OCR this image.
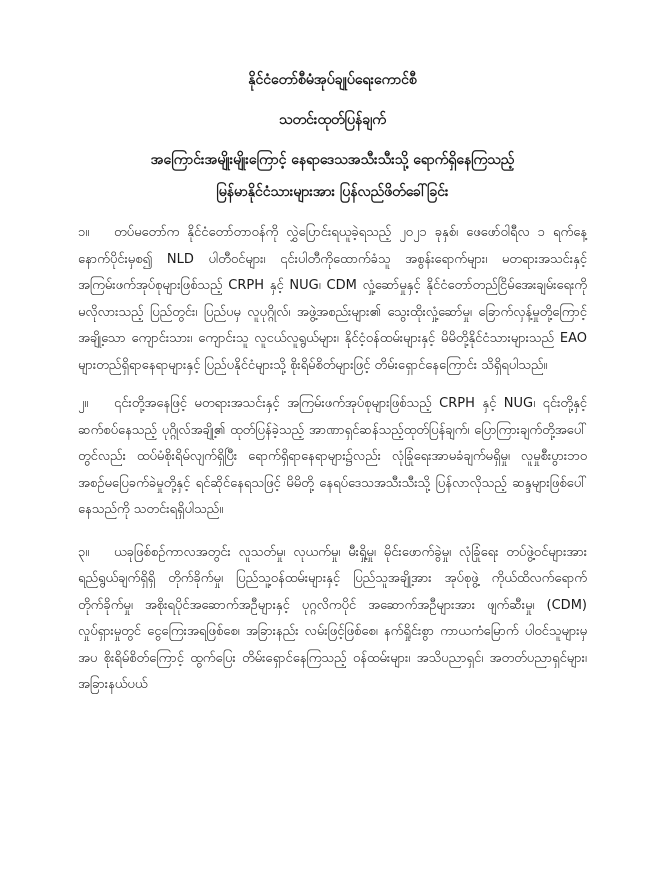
နိုင်ငံတော်စီမံအုပ်ချုပ်ရေးကောင်စီ
သတင်းထုတ်ပြန်ချက်
အကြောင်းအမျိုးမျိုးကြောင့် နေရာဒေသအသီးသီးသို့ ရောက်ရှိနေကြသည့်
မြန်မာနိုင်ငံသားများအား ပြန်လည်ဖိတ်ခေါ်ခြင်း

၁။ တပ်မတော်က နိုင်ငံတော်တာဝန်ကို လွှဲပြောင်းရယူခဲ့ရသည့် ၂၀၂၁ ခုနှစ်၊ ဖေဖော်ဝါရီလ ၁ ရက်နေ့ နောက်ပိုင်းမှစ၍ NLD ပါတီဝင်များ၊ ၎င်းပါတီကိုထောက်ခံသူ အစွန်းရောက်များ၊ မတရားအသင်းနှင့် အကြမ်းဖက်အုပ်စုများဖြစ်သည့် CRPH နှင့် NUG၊ CDM လှုံ့ဆော်မှုနှင့် နိုင်ငံတော်တည်ငြိမ်အေးချမ်းရေးကို မလိုလားသည့် ပြည်တွင်း၊ ပြည်ပမှ လူပုဂ္ဂိုလ်၊ အဖွဲ့အစည်းများ၏ သွေးထိုးလှုံ့ဆော်မှု၊ ခြောက်လှန့်မှုတို့ကြောင့် အချို့သော ကျောင်းသား၊ ကျောင်းသူ လူငယ်လူရွယ်များ၊ နိုင်ငံ့ဝန်ထမ်းများနှင့် မိမိတို့နိုင်ငံသားများသည် EAO များတည်ရှိရာနေရာများနှင့် ပြည်ပနိုင်ငံများသို့ စိုးရိမ်စိတ်များဖြင့် တိမ်းရှောင်နေကြောင်း သိရှိရပါသည်။

၂။ ၎င်းတို့အနေဖြင့် မတရားအသင်းနှင့် အကြမ်းဖက်အုပ်စုများဖြစ်သည့် CRPH နှင့် NUG၊ ၎င်းတို့နှင့်ဆက်စပ်နေသည့် ပုဂ္ဂိုလ်အချို့၏ ထုတ်ပြန်ခဲ့သည့် အာဏာရှင်ဆန်သည့်ထုတ်ပြန်ချက်၊ ပြောကြားချက်တို့အပေါ်တွင်လည်း ထပ်မံစိုးရိမ်လျက်ရှိပြီး ရောက်ရှိရာနေရာများ၌လည်း လုံခြုံရေးအာမခံချက်မရှိမှု၊ လူမှုစီးပွားဘဝ အစဉ်မပြေခက်ခဲမှုတို့နှင့် ရင်ဆိုင်နေရသဖြင့် မိမိတို့ နေရပ်ဒေသအသီးသီးသို့ ပြန်လာလိုသည့် ဆန္ဒများဖြစ်ပေါ်နေသည်ကို သတင်းရရှိပါသည်။

၃။ ယခုဖြစ်စဉ်ကာလအတွင်း လူသတ်မှု၊ လုယက်မှု၊ မီးရှို့မှု၊ မိုင်းဖောက်ခွဲမှု၊ လုံခြုံရေး တပ်ဖွဲ့ဝင်များအား ရည်ရွယ်ချက်ရှိရှိ တိုက်ခိုက်မှု၊ ပြည်သူ့ဝန်ထမ်းများနှင့် ပြည်သူအချို့အား အုပ်စုဖွဲ့ ကိုယ်ထိလက်ရောက် တိုက်ခိုက်မှု၊ အစိုးရပိုင်အဆောက်အဦများနှင့် ပုဂ္ဂလိကပိုင် အဆောက်အဦများအား ဖျက်ဆီးမှု၊ (CDM) လှုပ်ရှားမှုတွင် ငွေကြေးအရဖြစ်စေ၊ အခြားနည်း လမ်းဖြင့်ဖြစ်စေ၊ နက်ရှိုင်းစွာ ကာယကံမြောက် ပါဝင်သူများမှအပ စိုးရိမ်စိတ်ကြောင့် ထွက်ပြေး တိမ်းရှောင်နေကြသည့် ဝန်ထမ်းများ၊ အသိပညာရှင်၊ အတတ်ပညာရှင်များ၊ အခြားနယ်ပယ်
